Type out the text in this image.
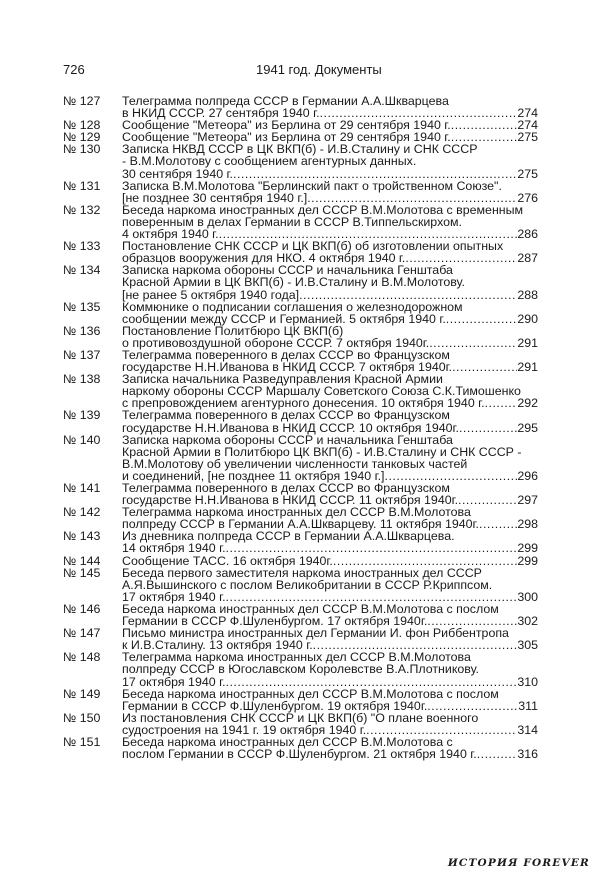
726	1941 год. Документы
№ 127 Телеграмма полпреда СССР в Германии А.А.Шкварцева
в НКИД СССР. 27 сентября 1940 г. .....	274
№ 128 Сообщение "Метеора" из Берлина от 29 сентября 1940 г. .....	274
№ 129 Сообщение "Метеора" из Берлина от 29 сентября 1940 г. .....	275
№ 130 Записка НКВД СССР в ЦК ВКП(б) - И.В.Сталину и СНК СССР
- В.М.Молотову с сообщением агентурных данных.
30 сентября 1940 г. .....	275
№ 131 Записка В.М.Молотова "Берлинский пакт о тройственном Союзе".
[не позднее 30 сентября 1940 г.] .....	276
№ 132 Беседа наркома иностранных дел СССР В.М.Молотова с временным
поверенным в делах Германии в СССР В.Типпельскирхом.
4 октября 1940 г. .....	286
№ 133 Постановление СНК СССР и ЦК ВКП(б) об изготовлении опытных
образцов вооружения для НКО. 4 октября 1940 г. .....	287
№ 134 Записка наркома обороны СССР и начальника Генштаба
Красной Армии в ЦК ВКП(б) - И.В.Сталину и В.М.Молотову.
[не ранее 5 октября 1940 года] .....	288
№ 135 Коммюнике о подписании соглашения о железнодорожном
сообщении между СССР и Германией. 5 октября 1940 г. .....	290
№ 136 Постановление Политбюро ЦК ВКП(б)
о противовоздушной обороне СССР. 7 октября 1940г. .....	291
№ 137 Телеграмма поверенного в делах СССР во Французском
государстве Н.Н.Иванова в НКИД СССР. 7 октября 1940г. .....	291
№ 138 Записка начальника Разведуправления Красной Армии
наркому обороны СССР Маршалу Советского Союза С.К.Тимошенко
с препровождением агентурного донесения. 10 октября 1940 г. .....	292
№ 139 Телеграмма поверенного в делах СССР во Французском
государстве Н.Н.Иванова в НКИД СССР. 10 октября 1940г. .....	295
№ 140 Записка наркома обороны СССР и начальника Генштаба
Красной Армии в Политбюро ЦК ВКП(б) - И.В.Сталину и СНК СССР -
В.М.Молотову об увеличении численности танковых частей
и соединений, [не позднее 11 октября 1940 г.] .....	296
№ 141 Телеграмма поверенного в делах СССР во Французском
государстве Н.Н.Иванова в НКИД СССР. 11 октября 1940г. .....	297
№ 142 Телеграмма наркома иностранных дел СССР В.М.Молотова
полпреду СССР в Германии А.А.Шкварцеву. 11 октября 1940г. .....	298
№ 143 Из дневника полпреда СССР в Германии А.А.Шкварцева.
14 октября 1940 г. .....	299
№ 144 Сообщение ТАСС. 16 октября 1940г. .....	299
№ 145 Беседа первого заместителя наркома иностранных дел СССР
А.Я.Вышинского с послом Великобритании в СССР Р.Криппсом.
17 октября 1940 г. .....	300
№ 146 Беседа наркома иностранных дел СССР В.М.Молотова с послом
Германии в СССР Ф.Шуленбургом. 17 октября 1940г. .....	302
№ 147 Письмо министра иностранных дел Германии И. фон Риббентропа
к И.В.Сталину. 13 октября 1940 г. .....	305
№ 148 Телеграмма наркома иностранных дел СССР В.М.Молотова
полпреду СССР в Югославском Королевстве В.А.Плотникову.
17 октября 1940 г. .....	310
№ 149 Беседа наркома иностранных дел СССР В.М.Молотова с послом
Германии в СССР Ф.Шуленбургом. 19 октября 1940г. .....	311
№ 150 Из постановления СНК СССР и ЦК ВКП(б) "О плане военного
судостроения на 1941 г. 19 октября 1940 г. .....	314
№ 151 Беседа наркома иностранных дел СССР В.М.Молотова с
послом Германии в СССР Ф.Шуленбургом. 21 октября 1940 г. .....	316
ИСТОРИЯ FOREVER
